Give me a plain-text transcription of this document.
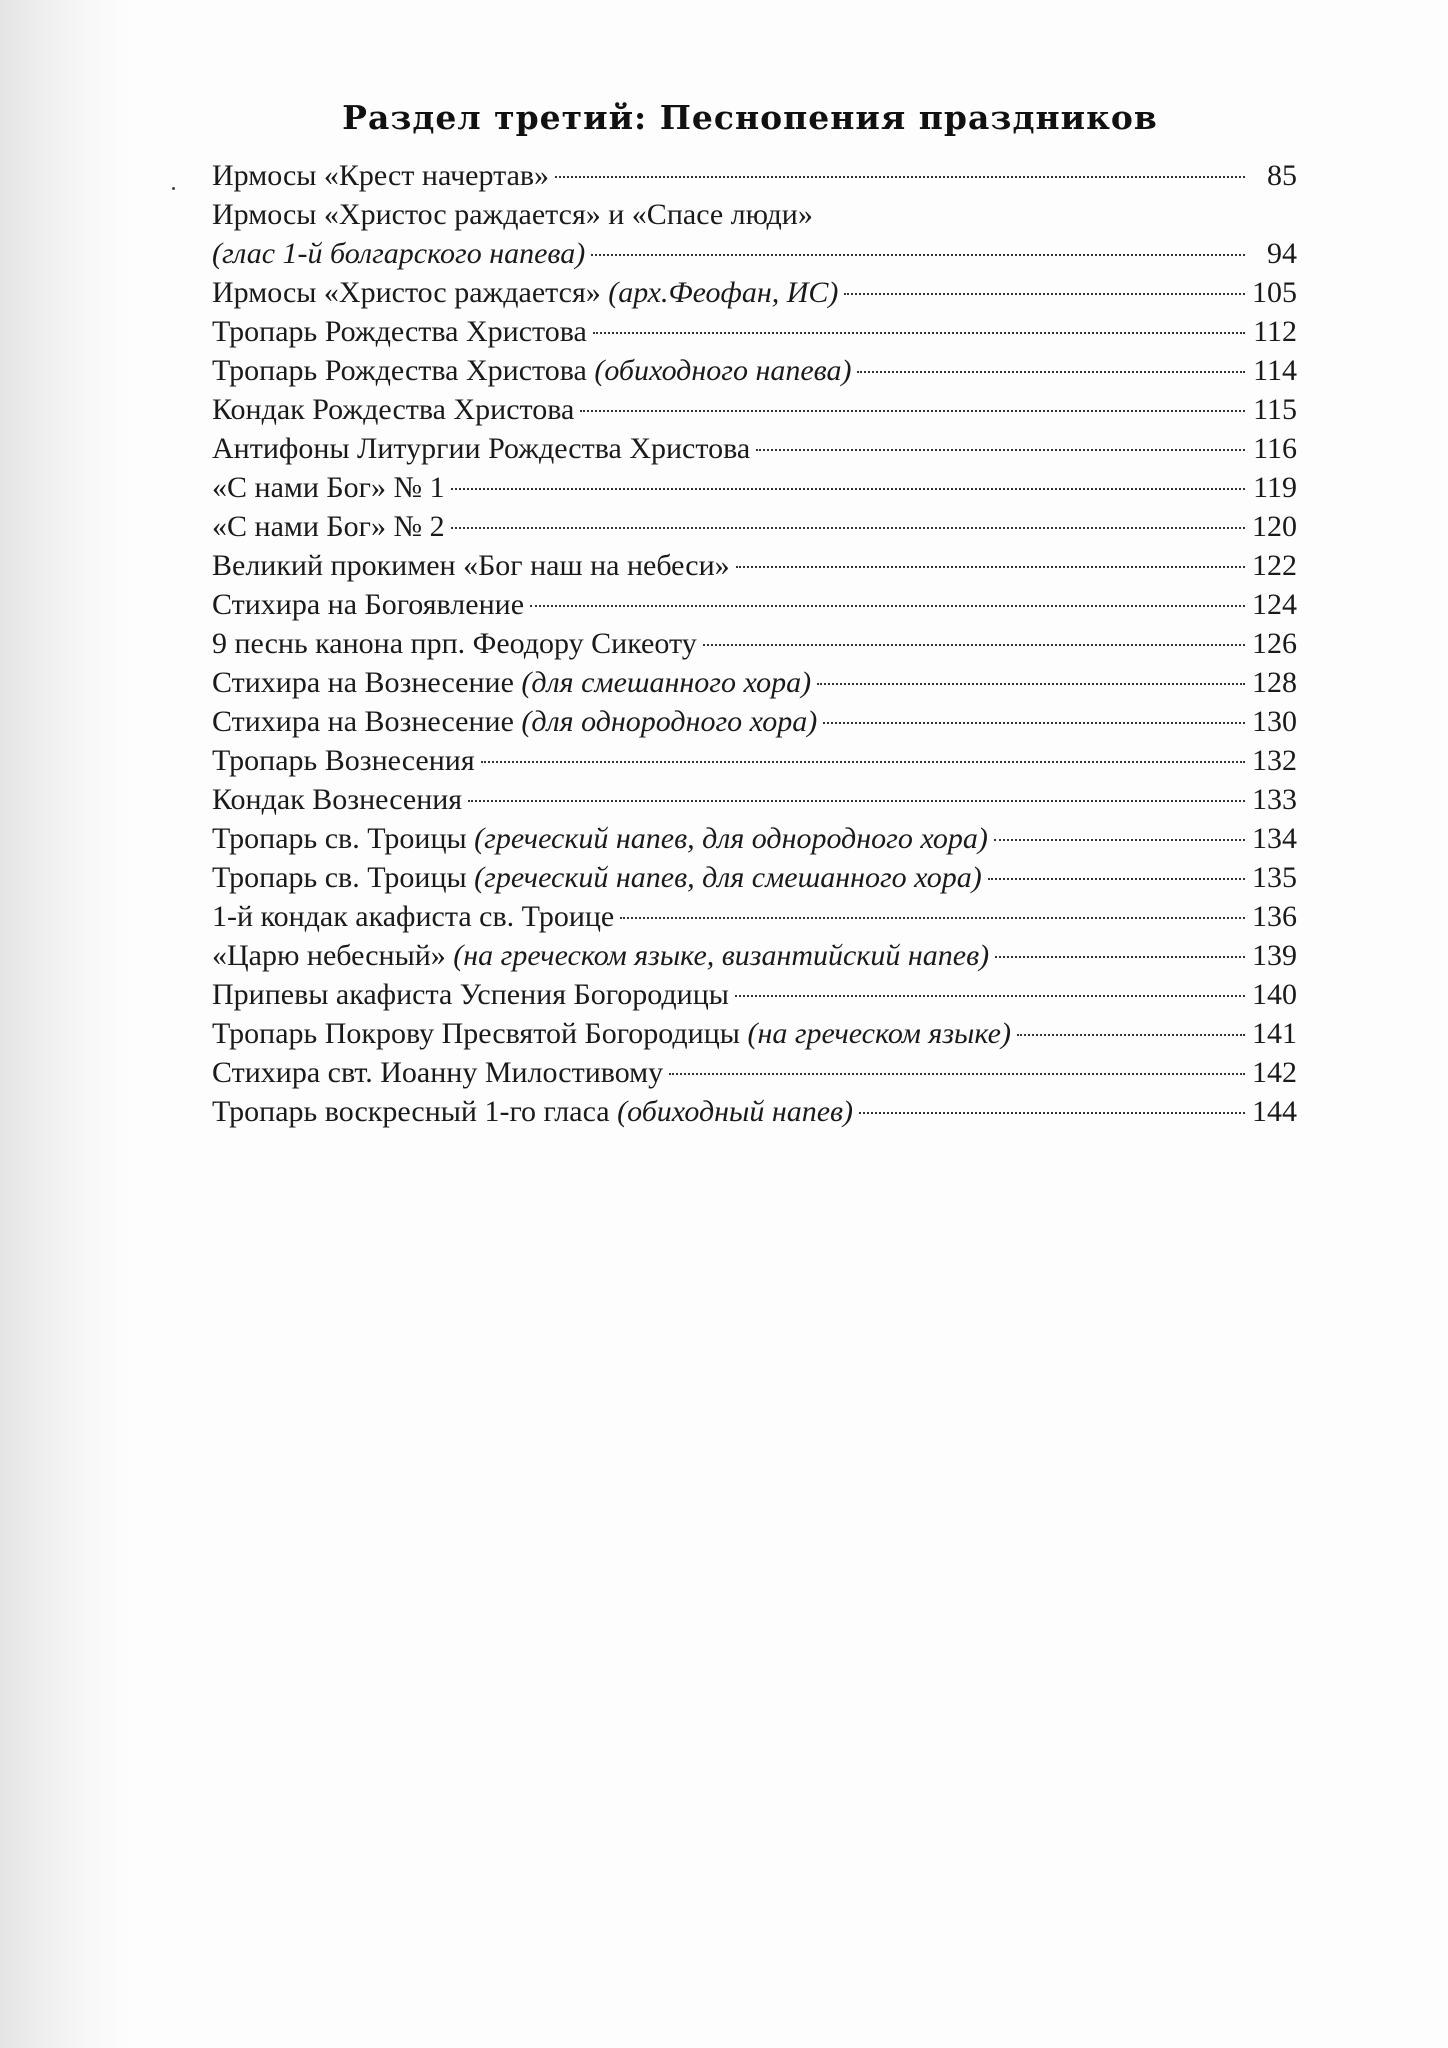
Раздел третий: Песнопения праздников
Ирмосы «Крест начертав»	85
Ирмосы «Христос раждается» и «Спасе люди»
(глас 1-й болгарского напева)	94
Ирмосы «Христос раждается» (арх.Феофан, ИС)	105
Тропарь Рождества Христова	112
Тропарь Рождества Христова (обиходного напева)	114
Кондак Рождества Христова	115
Антифоны Литургии Рождества Христова	116
«С нами Бог» № 1	119
«С нами Бог» № 2	120
Великий прокимен «Бог наш на небеси»	122
Стихира на Богоявление	124
9 песнь канона прп. Феодору Сикеоту	126
Стихира на Вознесение (для смешанного хора)	128
Стихира на Вознесение (для однородного хора)	130
Тропарь Вознесения	132
Кондак Вознесения	133
Тропарь св. Троицы (греческий напев, для однородного хора)	134
Тропарь св. Троицы (греческий напев, для смешанного хора)	135
1-й кондак акафиста св. Троице	136
«Царю небесный» (на греческом языке, византийский напев)	139
Припевы акафиста Успения Богородицы	140
Тропарь Покрову Пресвятой Богородицы (на греческом языке)	141
Стихира свт. Иоанну Милостивому	142
Тропарь воскресный 1-го гласа (обиходный напев)	144
